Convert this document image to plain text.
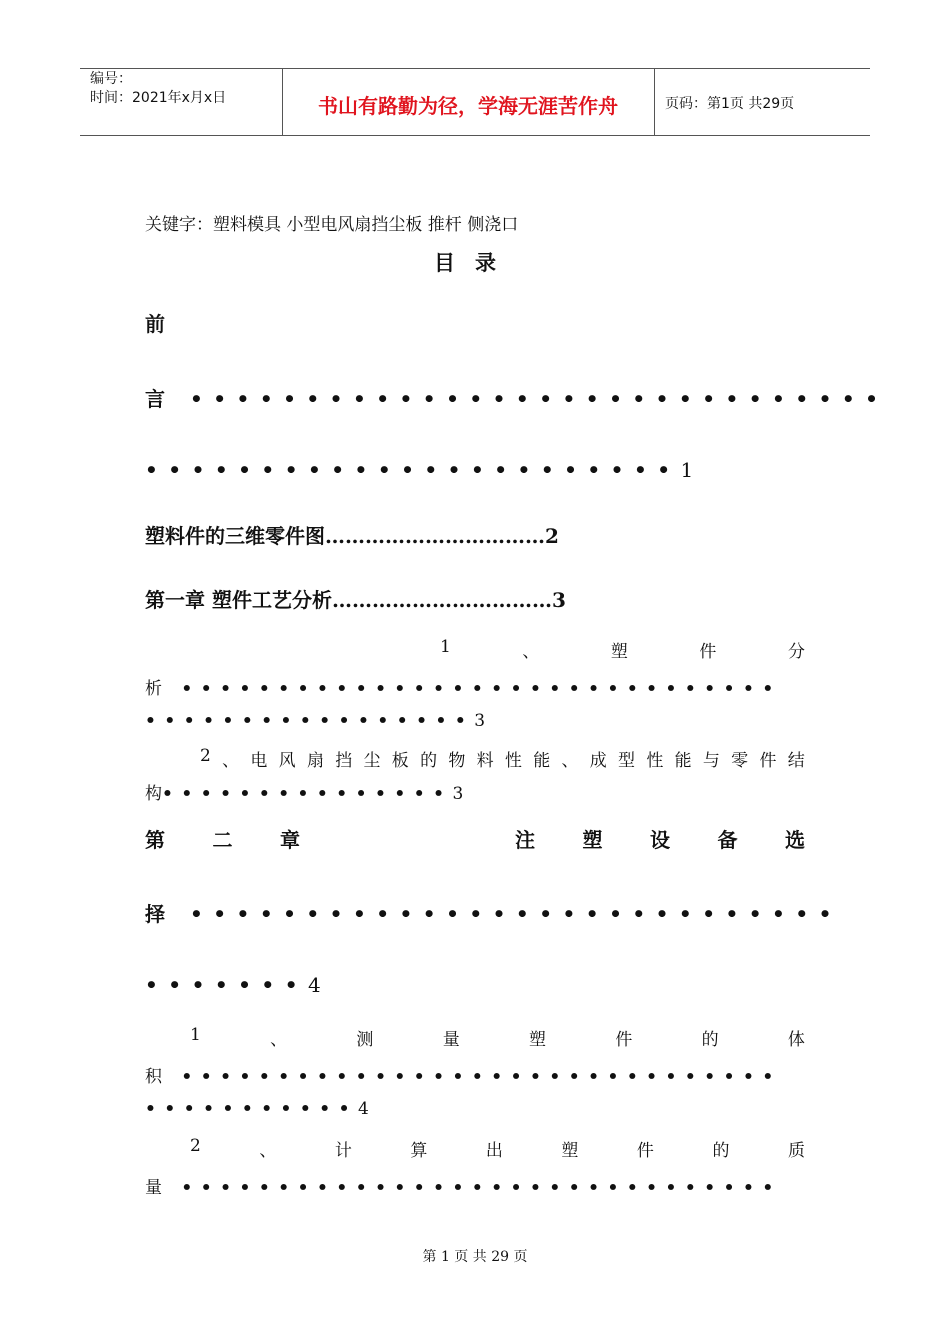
编号：
时间：2021年x月x日	书山有路勤为径，学海无涯苦作舟	页码：第1页 共29页
关键字：塑料模具 小型电风扇挡尘板 推杆 侧浇口
目录
前
言 ••••••••••••••••••••••••••••••
•••••••••••••••••••••••1
塑料件的三维零件图……………………………2
第一章 塑件工艺分析……………………………3
1	、	塑	件	分
析 •••••••••••••••••••••••••••••••
•••••••••••••••••3
2 、 电 风 扇 挡 尘 板 的 物 料 性 能 、 成 型 性 能 与 零 件 结
构•••••••••••••••3
第 二 章	注 塑 设 备 选
择 ••••••••••••••••••••••••••••
•••••••4
1	、	测	量	塑	件	的	体
积 •••••••••••••••••••••••••••••••
•••••••••••4
2	、	计	算	出	塑	件	的	质
量 •••••••••••••••••••••••••••••••
第 1 页 共 29 页
